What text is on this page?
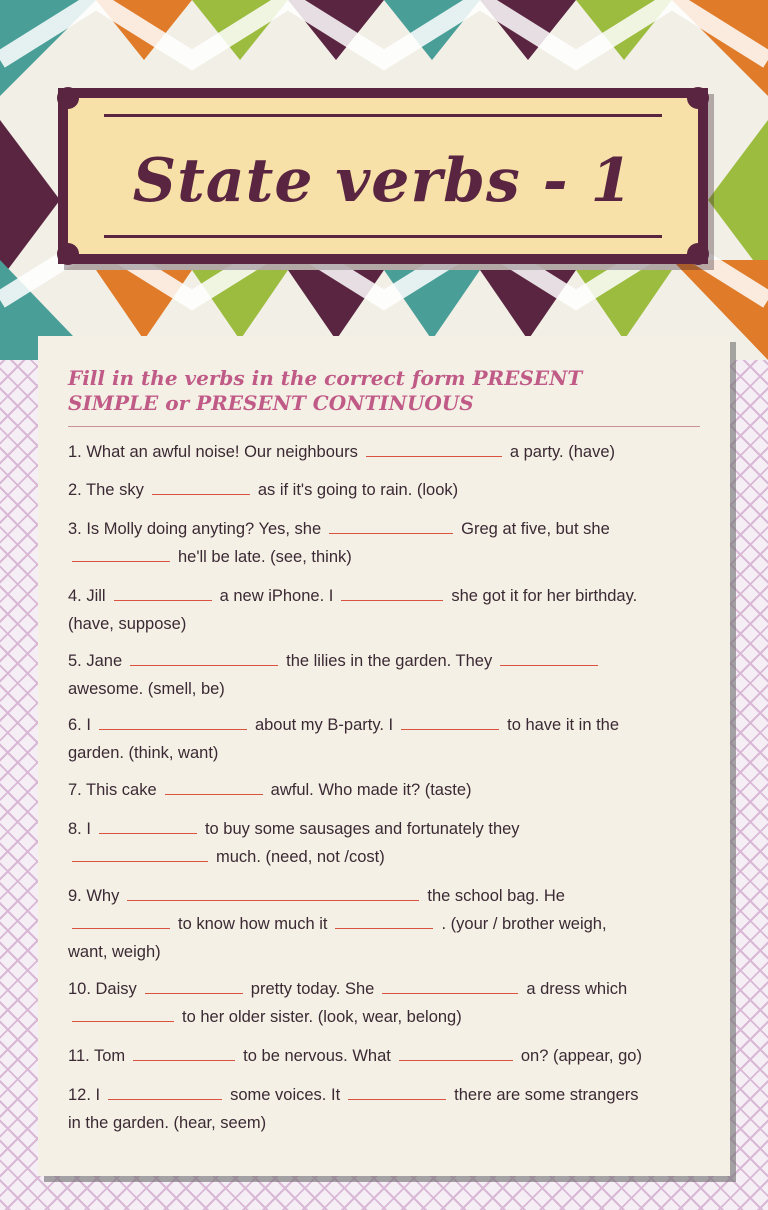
State verbs - 1
Fill in the verbs in the correct form PRESENT SIMPLE or PRESENT CONTINUOUS
1. What an awful noise! Our neighbours	a party. (have)
2. The sky	as if it's going to rain. (look)
3. Is Molly doing anyting? Yes, she	Greg at five, but she
he'll be late. (see, think)
4. Jill	a new iPhone. I	she got it for her birthday.
(have, suppose)
5. Jane	the lilies in the garden. They
awesome. (smell, be)
6. I	about my B-party. I	to have it in the
garden. (think, want)
7. This cake	awful. Who made it? (taste)
8. I	to buy some sausages and fortunately they
much. (need, not /cost)
9. Why	the school bag. He
to know how much it	. (your / brother weigh,
want, weigh)
10. Daisy	pretty today. She	a dress which
to her older sister. (look, wear, belong)
11. Tom	to be nervous. What	on? (appear, go)
12. I	some voices. It	there are some strangers
in the garden. (hear, seem)
